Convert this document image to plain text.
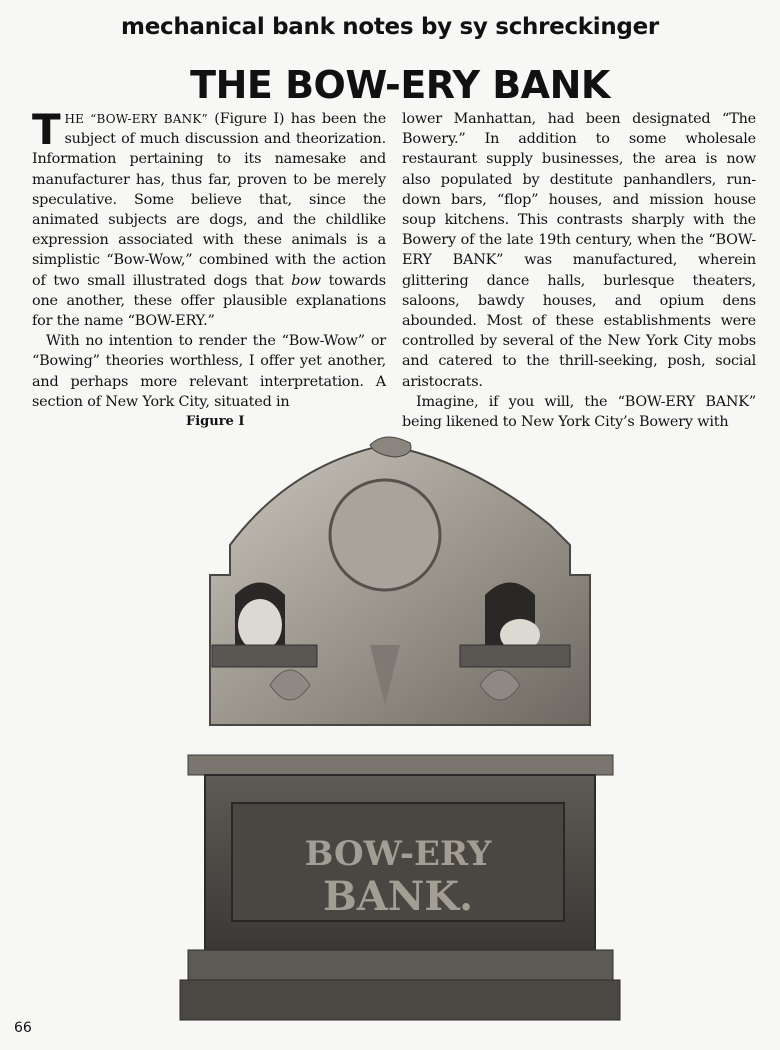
mechanical bank notes by sy schreckinger
THE BOW-ERY BANK

THE “BOW-ERY BANK” (Figure I) has been the subject of much discussion and theorization. Information pertaining to its namesake and manufacturer has, thus far, proven to be merely speculative. Some believe that, since the animated subjects are dogs, and the childlike expression associated with these animals is a simplistic “Bow-Wow,” combined with the action of two small illustrated dogs that bow towards one another, these offer plausible explanations for the name “BOW-ERY.”

With no intention to render the “Bow-Wow” or “Bowing” theories worthless, I offer yet another, and perhaps more relevant interpretation. A section of New York City, situated in

lower Manhattan, had been designated “The Bowery.” In addition to some wholesale restaurant supply businesses, the area is now also populated by destitute panhandlers, run-down bars, “flop” houses, and mission house soup kitchens. This contrasts sharply with the Bowery of the late 19th century, when the “BOW-ERY BANK” was manufactured, wherein glittering dance halls, burlesque theaters, saloons, bawdy houses, and opium dens abounded. Most of these establishments were controlled by several of the New York City mobs and catered to the thrill-seeking, posh, social aristocrats.

Imagine, if you will, the “BOW-ERY BANK” being likened to New York City’s Bowery with

Figure I
BOW-ERY
BANK.
66
